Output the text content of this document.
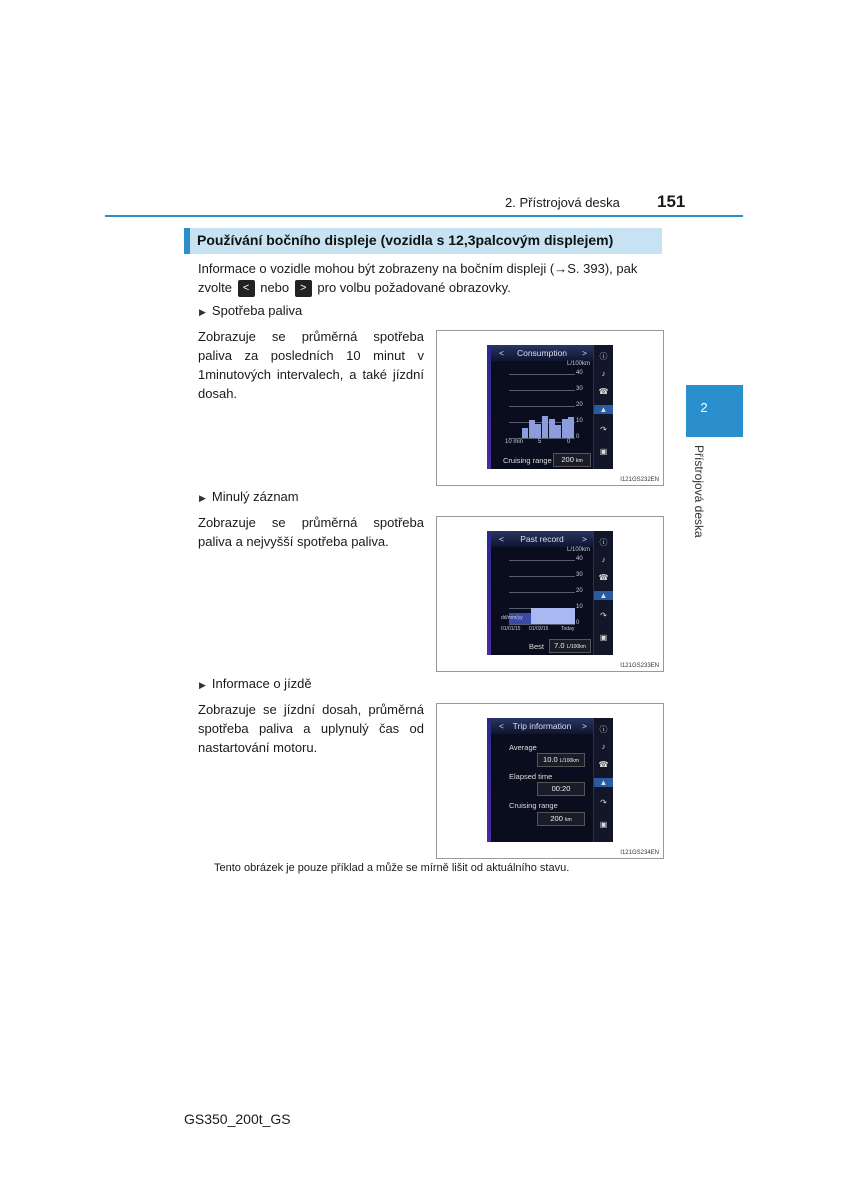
2. Přístrojová deska 151
2
Přístrojová deska
Používání bočního displeje (vozidla s 12,3palcovým displejem)
Informace o vozidle mohou být zobrazeny na bočním displeji (→S. 393), pak zvolte < nebo > pro volbu požadované obrazovky.
▶ Spotřeba paliva
Zobrazuje se průměrná spotřeba paliva za posledních 10 minut v 1minutových intervalech, a také jízdní dosah.
< Consumption >
L/100km
40
30
20
10
0
10 min 5	0
Cruising range	200 km
ⓘ
♪
☎
▲
↷
▣
I121GS232EN
▶ Minulý záznam
Zobrazuje se průměrná spotřeba paliva a nejvyšší spotřeba paliva.	< Past record >
L/100km
40
30
20
10
0
dd/mm/yy
01/01/15 01/03/15	Today
Best	7.0 L/100km
ⓘ
♪
☎
▲
↷
▣
I121GS233EN
▶ Informace o jízdě
Zobrazuje se jízdní dosah, průměrná spotřeba paliva a uplynulý čas od nastartování motoru.
< Trip information >
Average
10.0 L/100km
Elapsed time
00:20
Cruising range
200 km
ⓘ
♪
☎
▲
↷
▣
I121GS234EN
Tento obrázek je pouze příklad a může se mírně lišit od aktuálního stavu.
GS350_200t_GS
